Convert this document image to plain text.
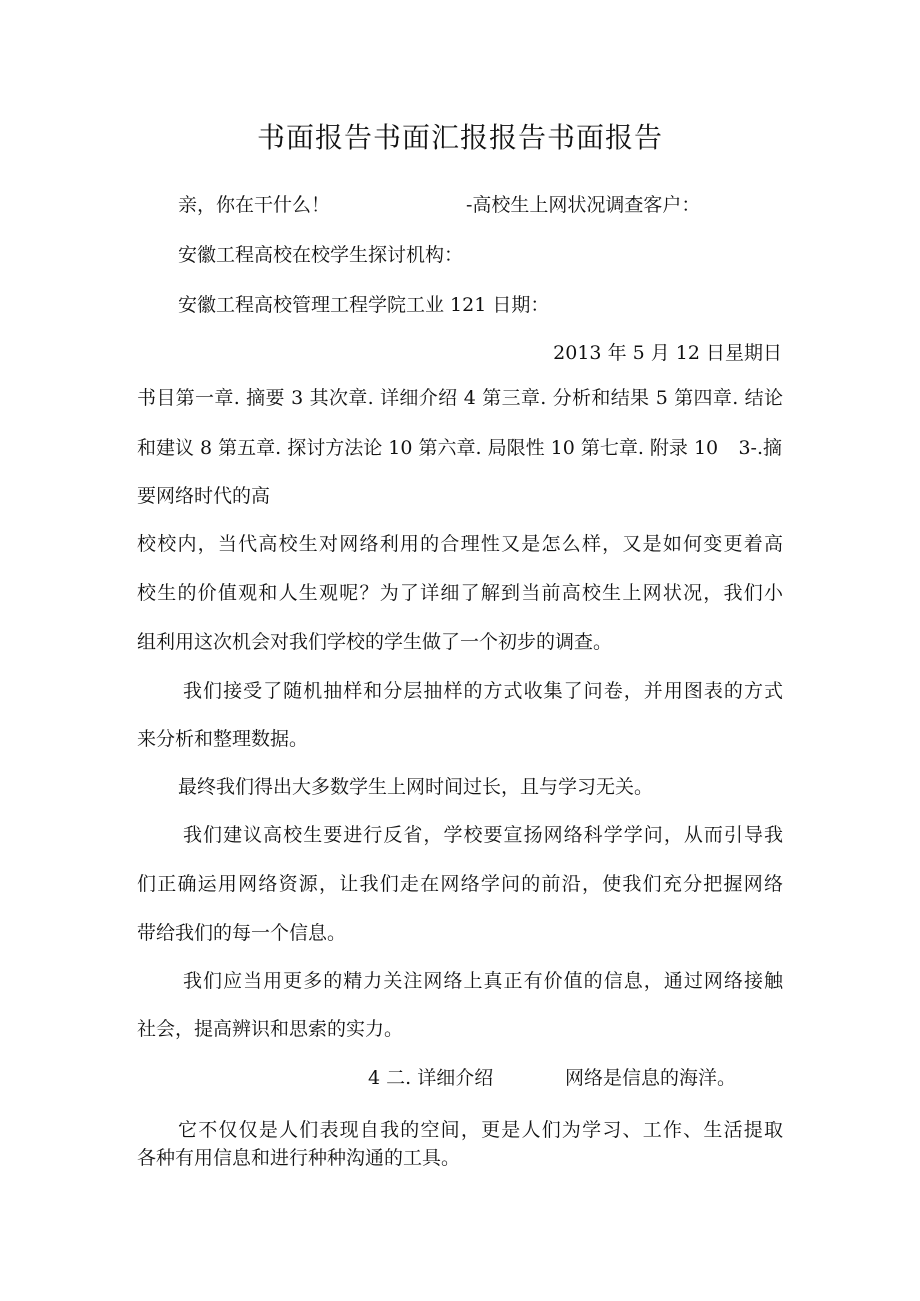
书面报告书面汇报报告书面报告
亲，你在干什么！	-高校生上网状况调查客户：
安徽工程高校在校学生探讨机构：
安徽工程高校管理工程学院工业 121 日期：
2013 年 5 月 12 日星期日
书目第一章. 摘要 3 其次章. 详细介绍 4 第三章. 分析和结果 5 第四章. 结论
和建议 8 第五章. 探讨方法论 10 第六章. 局限性 10 第七章. 附录 10 3-.摘
要网络时代的高
校校内，当代高校生对网络利用的合理性又是怎么样，又是如何变更着高
校生的价值观和人生观呢？为了详细了解到当前高校生上网状况，我们小
组利用这次机会对我们学校的学生做了一个初步的调查。
我们接受了随机抽样和分层抽样的方式收集了问卷，并用图表的方式
来分析和整理数据。
最终我们得出大多数学生上网时间过长，且与学习无关。
我们建议高校生要进行反省，学校要宣扬网络科学学问，从而引导我
们正确运用网络资源，让我们走在网络学问的前沿，使我们充分把握网络
带给我们的每一个信息。
我们应当用更多的精力关注网络上真正有价值的信息，通过网络接触
社会，提高辨识和思索的实力。
4 二. 详细介绍	网络是信息的海洋。
它不仅仅是人们表现自我的空间，更是人们为学习、工作、生活提取
各种有用信息和进行种种沟通的工具。
